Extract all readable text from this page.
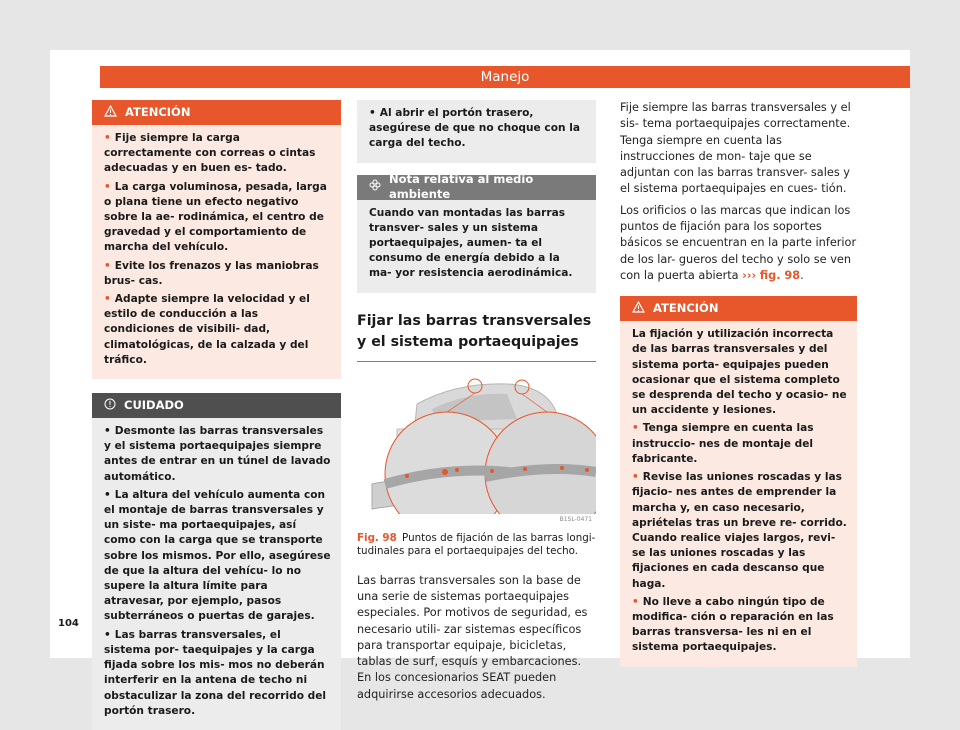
Manejo
ATENCIÓN

• Fije siempre la carga correctamente con correas o cintas adecuadas y en buen es- tado.

• La carga voluminosa, pesada, larga o plana tiene un efecto negativo sobre la ae- rodinámica, el centro de gravedad y el comportamiento de marcha del vehículo.

• Evite los frenazos y las maniobras brus- cas.

• Adapte siempre la velocidad y el estilo de conducción a las condiciones de visibili- dad, climatológicas, de la calzada y del tráfico.

CUIDADO

• Desmonte las barras transversales y el sistema portaequipajes siempre antes de entrar en un túnel de lavado automático.

• La altura del vehículo aumenta con el montaje de barras transversales y un siste- ma portaequipajes, así como con la carga que se transporte sobre los mismos. Por ello, asegúrese de que la altura del vehícu- lo no supere la altura límite para atravesar, por ejemplo, pasos subterráneos o puertas de garajes.

• Las barras transversales, el sistema por- taequipajes y la carga fijada sobre los mis- mos no deberán interferir en la antena de techo ni obstaculizar la zona del recorrido del portón trasero.

• Al abrir el portón trasero, asegúrese de que no choque con la carga del techo.

Nota relativa al medio ambiente

Cuando van montadas las barras transver- sales y un sistema portaequipajes, aumen- ta el consumo de energía debido a la ma- yor resistencia aerodinámica.

Fijar las barras transversales y el sistema portaequipajes
B1SL-0471
Fig. 98 Puntos de fijación de las barras longi- tudinales para el portaequipajes del techo.

Las barras transversales son la base de una serie de sistemas portaequipajes especiales. Por motivos de seguridad, es necesario utili- zar sistemas específicos para transportar equipaje, bicicletas, tablas de surf, esquís y embarcaciones. En los concesionarios SEAT pueden adquirirse accesorios adecuados.

Fije siempre las barras transversales y el sis- tema portaequipajes correctamente. Tenga siempre en cuenta las instrucciones de mon- taje que se adjuntan con las barras transver- sales y el sistema portaequipajes en cues- tión.

Los orificios o las marcas que indican los puntos de fijación para los soportes básicos se encuentran en la parte inferior de los lar- gueros del techo y solo se ven con la puerta abierta ››› fig. 98.

ATENCIÓN

La fijación y utilización incorrecta de las barras transversales y del sistema porta- equipajes pueden ocasionar que el sistema completo se desprenda del techo y ocasio- ne un accidente y lesiones.

• Tenga siempre en cuenta las instruccio- nes de montaje del fabricante.

• Revise las uniones roscadas y las fijacio- nes antes de emprender la marcha y, en caso necesario, apriételas tras un breve re- corrido. Cuando realice viajes largos, revi- se las uniones roscadas y las fijaciones en cada descanso que haga.

• No lleve a cabo ningún tipo de modifica- ción o reparación en las barras transversa- les ni en el sistema portaequipajes.

104
